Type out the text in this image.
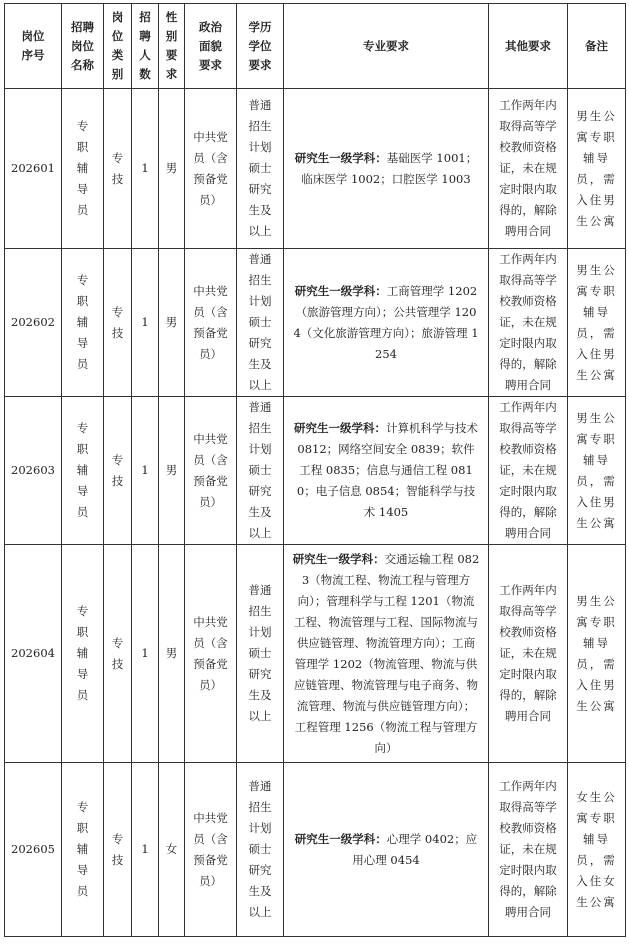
岗位序号	招聘岗位名称	岗位类别	招聘人数	性别要求	政治面貌要求	学历学位要求	专业要求	其他要求	备注
202601	专职辅导员	专技	1	男	中共党员（含预备党员）	普通招生计划硕士研究生及以上	研究生一级学科：基础医学 1001；临床医学 1002；口腔医学 1003	工作两年内取得高等学校教师资格证，未在规定时限内取得的，解除聘用合同	男生公寓专职辅导员，需入住男生公寓

202602	专职辅导员	专技	1	男	中共党员（含预备党员）	普通招生计划硕士研究生及以上	研究生一级学科：工商管理学 1202（旅游管理方向）；公共管理学 1204（文化旅游管理方向）；旅游管理 1254	工作两年内取得高等学校教师资格证，未在规定时限内取得的，解除聘用合同	男生公寓专职辅导员，需入住男生公寓

202603	专职辅导员	专技	1	男	中共党员（含预备党员）	普通招生计划硕士研究生及以上	研究生一级学科：计算机科学与技术 0812；网络空间安全 0839；软件工程 0835；信息与通信工程 0810；电子信息 0854；智能科学与技术 1405	工作两年内取得高等学校教师资格证，未在规定时限内取得的，解除聘用合同	男生公寓专职辅导员，需入住男生公寓

202604	专职辅导员	专技	1	男	中共党员（含预备党员）	普通招生计划硕士研究生及以上	研究生一级学科：交通运输工程 0823（物流工程、物流工程与管理方向）；管理科学与工程 1201（物流工程、物流管理与工程、国际物流与供应链管理、物流管理方向）；工商管理学 1202（物流管理、物流与供应链管理、物流管理与电子商务、物流管理、物流与供应链管理方向）；工程管理 1256（物流工程与管理方向）	工作两年内取得高等学校教师资格证，未在规定时限内取得的，解除聘用合同	男生公寓专职辅导员，需入住男生公寓

202605	专职辅导员	专技	1	女	中共党员（含预备党员）	普通招生计划硕士研究生及以上	研究生一级学科：心理学 0402；应用心理 0454	工作两年内取得高等学校教师资格证，未在规定时限内取得的，解除聘用合同	女生公寓专职辅导员，需入住女生公寓
